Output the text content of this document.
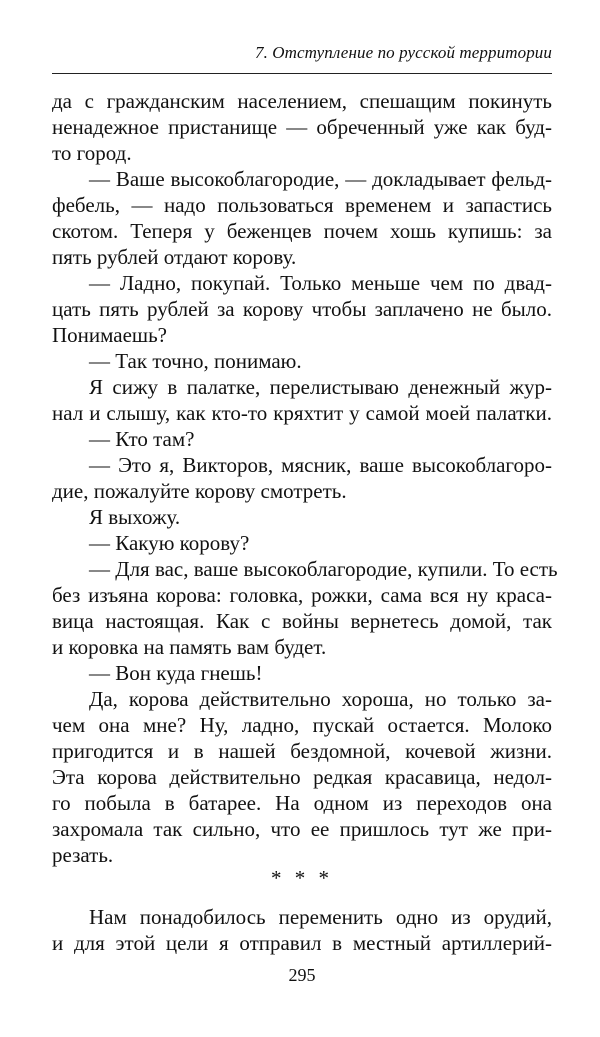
7. Отступление по русской территории
да с гражданским населением, спешащим покинуть
ненадежное пристанище — обреченный уже как буд-
то город.
— Ваше высокоблагородие, — докладывает фельд-
фебель, — надо пользоваться временем и запастись
скотом. Теперя у беженцев почем хошь купишь: за
пять рублей отдают корову.
— Ладно, покупай. Только меньше чем по двад-
цать пять рублей за корову чтобы заплачено не было.
Понимаешь?
— Так точно, понимаю.
Я сижу в палатке, перелистываю денежный жур-
нал и слышу, как кто-то кряхтит у самой моей палатки.
— Кто там?
— Это я, Викторов, мясник, ваше высокоблагоро-
дие, пожалуйте корову смотреть.
Я выхожу.
— Какую корову?
— Для вас, ваше высокоблагородие, купили. То есть
без изъяна корова: головка, рожки, сама вся ну краса-
вица настоящая. Как с войны вернетесь домой, так
и коровка на память вам будет.
— Вон куда гнешь!
Да, корова действительно хороша, но только за-
чем она мне? Ну, ладно, пускай остается. Молоко
пригодится и в нашей бездомной, кочевой жизни.
Эта корова действительно редкая красавица, недол-
го побыла в батарее. На одном из переходов она
захромала так сильно, что ее пришлось тут же при-
резать.
Нам понадобилось переменить одно из орудий,
и для этой цели я отправил в местный артиллерий-
* * *
295
